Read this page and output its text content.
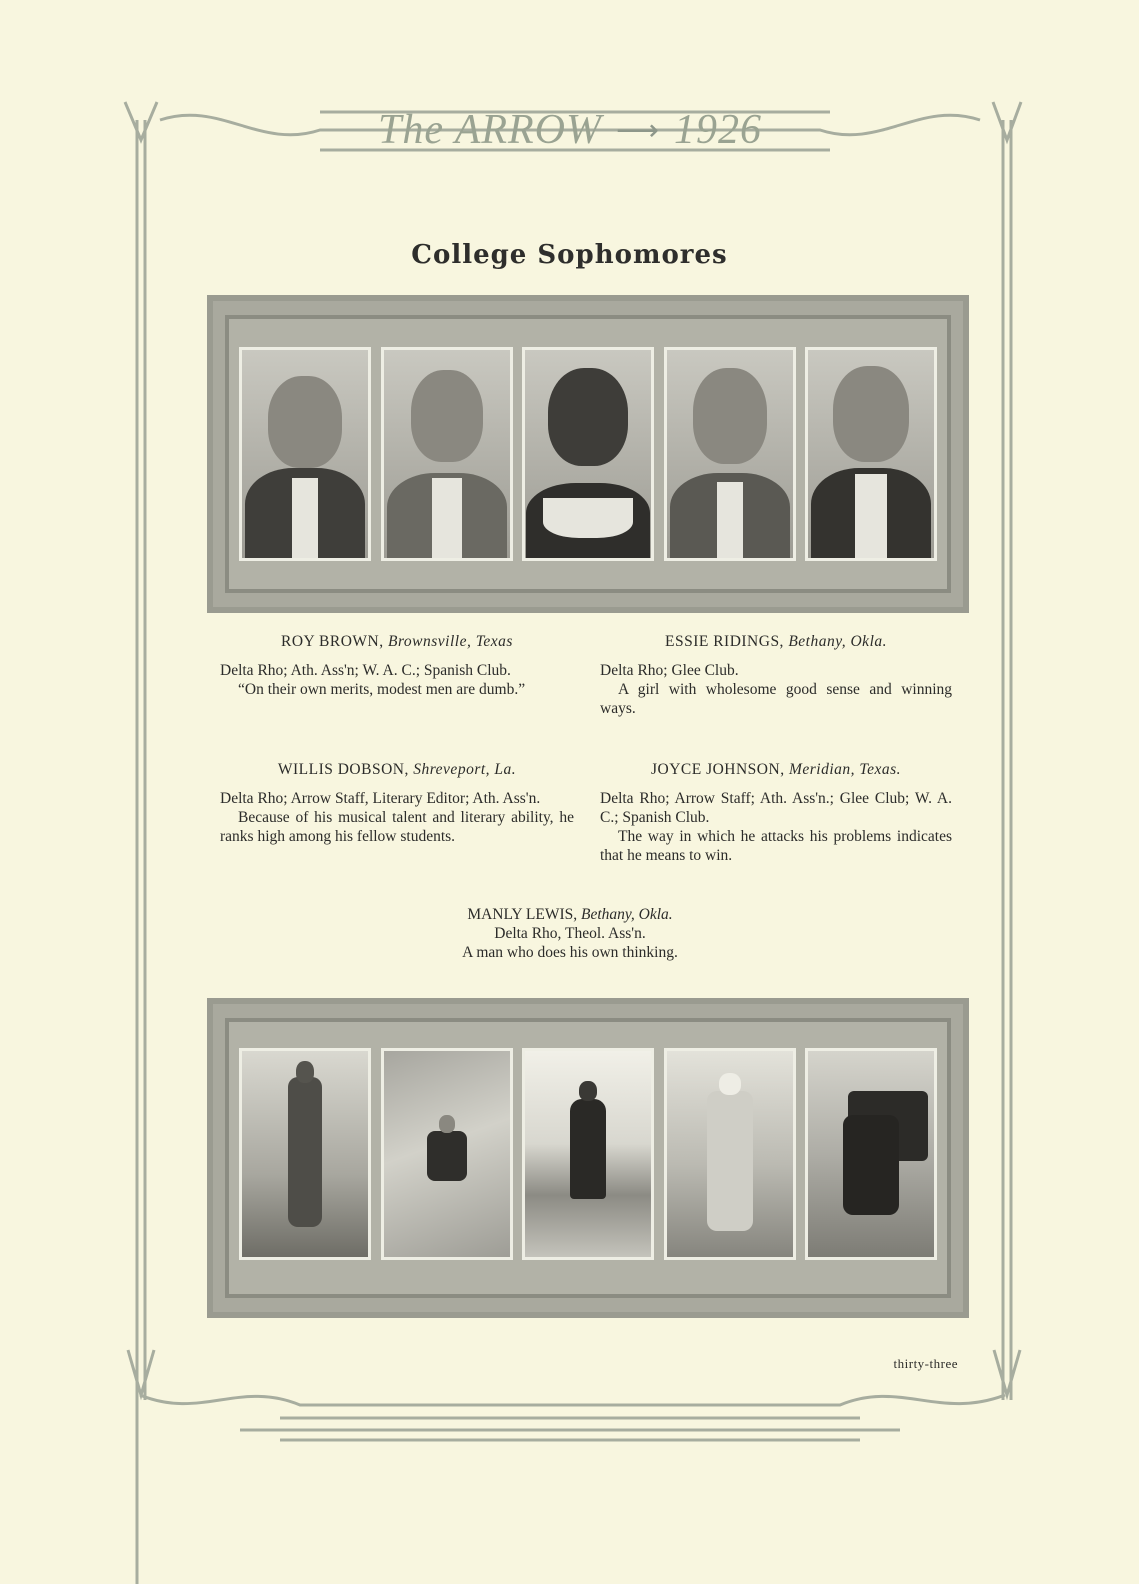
The ARROW ⟶ 1926
College Sophomores
ROY BROWN, Brownsville, Texas

Delta Rho; Ath. Ass'n; W. A. C.; Spanish Club.

“On their own merits, modest men are dumb.”

ESSIE RIDINGS, Bethany, Okla.

Delta Rho; Glee Club.

A girl with wholesome good sense and winning ways.

WILLIS DOBSON, Shreveport, La.

Delta Rho; Arrow Staff, Literary Editor; Ath. Ass'n.

Because of his musical talent and literary ability, he ranks high among his fellow students.

JOYCE JOHNSON, Meridian, Texas.

Delta Rho; Arrow Staff; Ath. Ass'n.; Glee Club; W. A. C.; Spanish Club.

The way in which he attacks his problems indicates that he means to win.

MANLY LEWIS, Bethany, Okla.
Delta Rho, Theol. Ass'n.
A man who does his own thinking.
thirty-three
